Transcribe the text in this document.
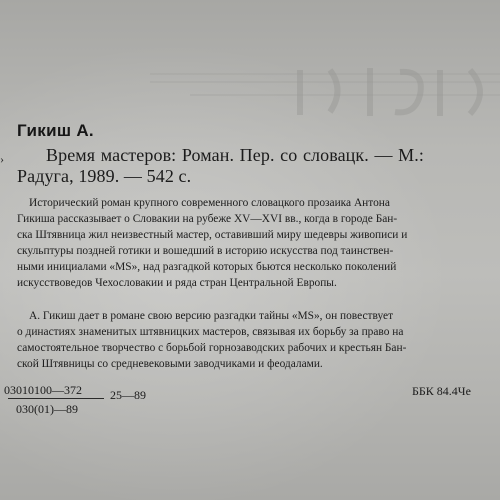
›
Гикиш А.
Время мастеров: Роман. Пер. со словацк. — М.:
Радуга, 1989. — 542 с.
Исторический роман крупного современного словацкого прозаика Антона
Гикиша рассказывает о Словакии на рубеже XV—XVI вв., когда в городе Бан-
ска Штявница жил неизвестный мастер, оставивший миру шедевры живописи и
скульптуры поздней готики и вошедший в историю искусства под таинствен-
ными инициалами «MS», над разгадкой которых бьются несколько поколений
искусствоведов Чехословакии и ряда стран Центральной Европы.
А. Гикиш дает в романе свою версию разгадки тайны «MS», он повествует
о династиях знаменитых штявницких мастеров, связывая их борьбу за право на
самостоятельное творчество с борьбой горнозаводских рабочих и крестьян Бан-
ской Штявницы со средневековыми заводчиками и феодалами.
03010100—372
030(01)—89
25—89	ББК 84.4Че
